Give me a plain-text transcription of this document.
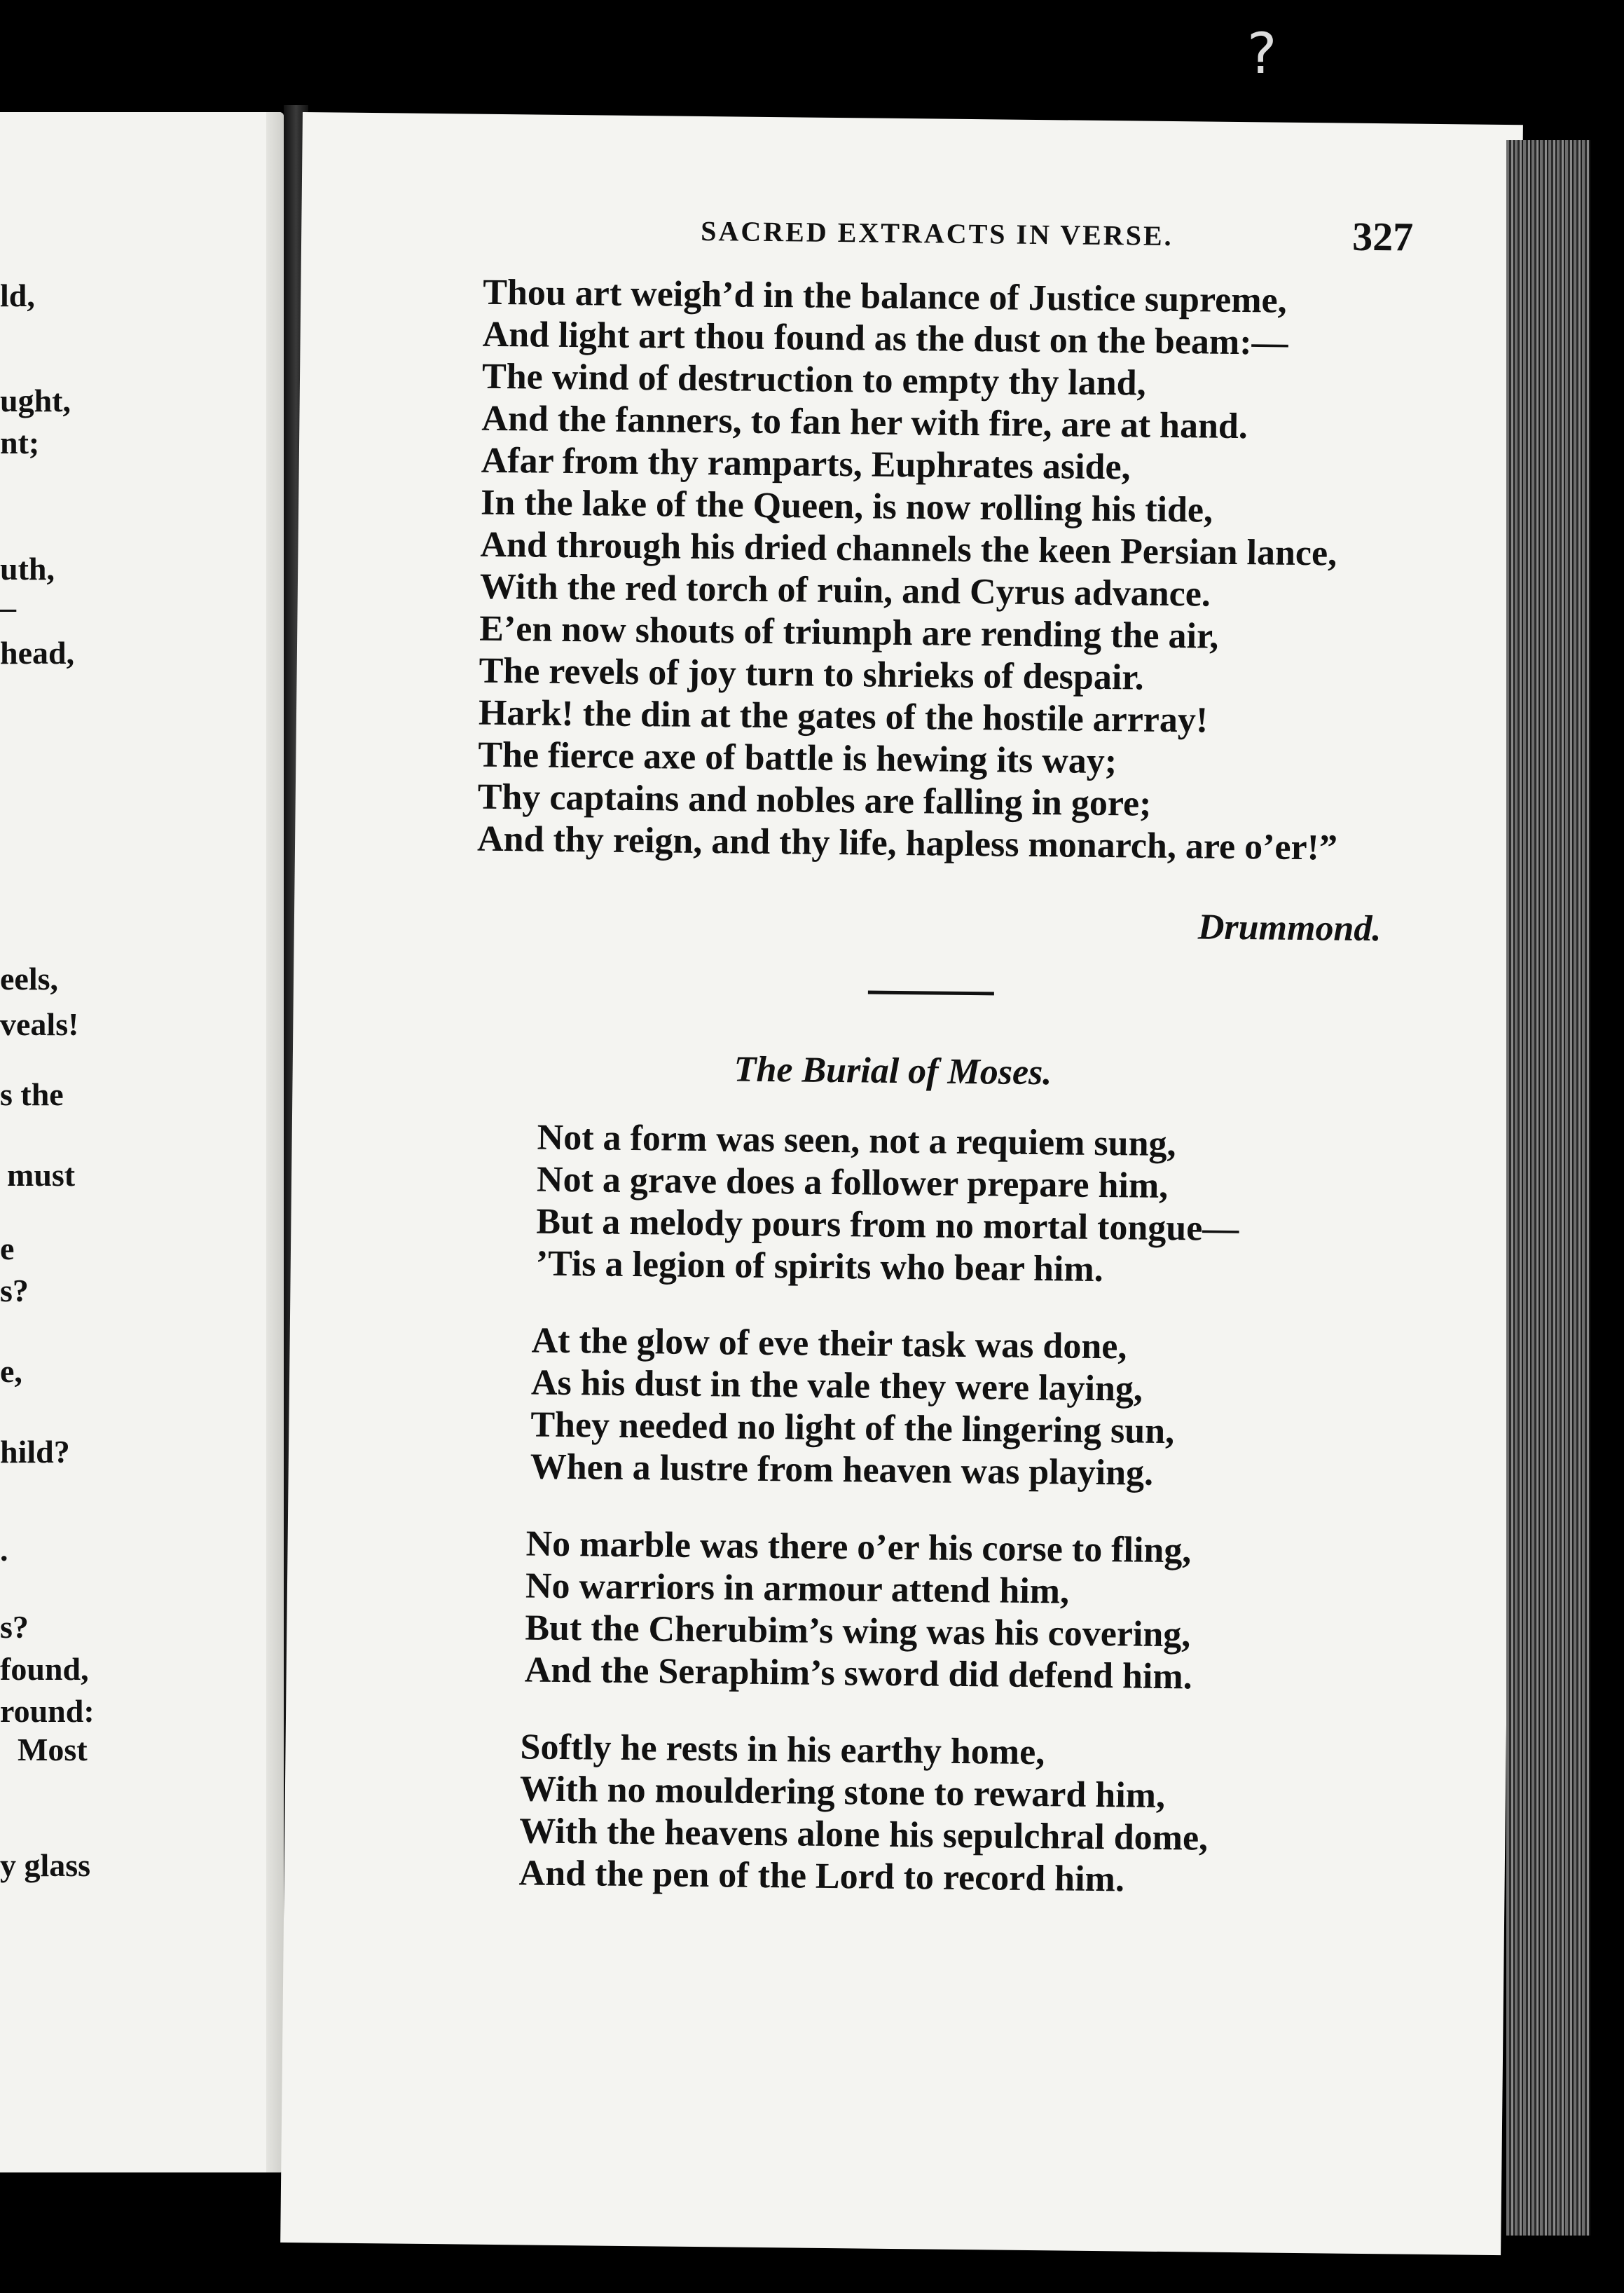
?
ld,
ught,
nt;
uth,
–
head,
eels,
veals!
s the
must
e
s?
e,
hild?
.
s?
found,
round:
Most
y glass
SACRED EXTRACTS IN VERSE.	327
Thou art weigh’d in the balance of Justice supreme,
And light art thou found as the dust on the beam:—
The wind of destruction to empty thy land,
And the fanners, to fan her with fire, are at hand.
Afar from thy ramparts, Euphrates aside,
In the lake of the Queen, is now rolling his tide,
And through his dried channels the keen Persian lance,
With the red torch of ruin, and Cyrus advance.
E’en now shouts of triumph are rending the air,
The revels of joy turn to shrieks of despair.
Hark! the din at the gates of the hostile arrray!
The fierce axe of battle is hewing its way;
Thy captains and nobles are falling in gore;
And thy reign, and thy life, hapless monarch, are o’er!”
Drummond.
The Burial of Moses.
Not a form was seen, not a requiem sung,
Not a grave does a follower prepare him,
But a melody pours from no mortal tongue—
’Tis a legion of spirits who bear him.
At the glow of eve their task was done,
As his dust in the vale they were laying,
They needed no light of the lingering sun,
When a lustre from heaven was playing.
No marble was there o’er his corse to fling,
No warriors in armour attend him,
But the Cherubim’s wing was his covering,
And the Seraphim’s sword did defend him.
Softly he rests in his earthy home,
With no mouldering stone to reward him,
With the heavens alone his sepulchral dome,
And the pen of the Lord to record him.
